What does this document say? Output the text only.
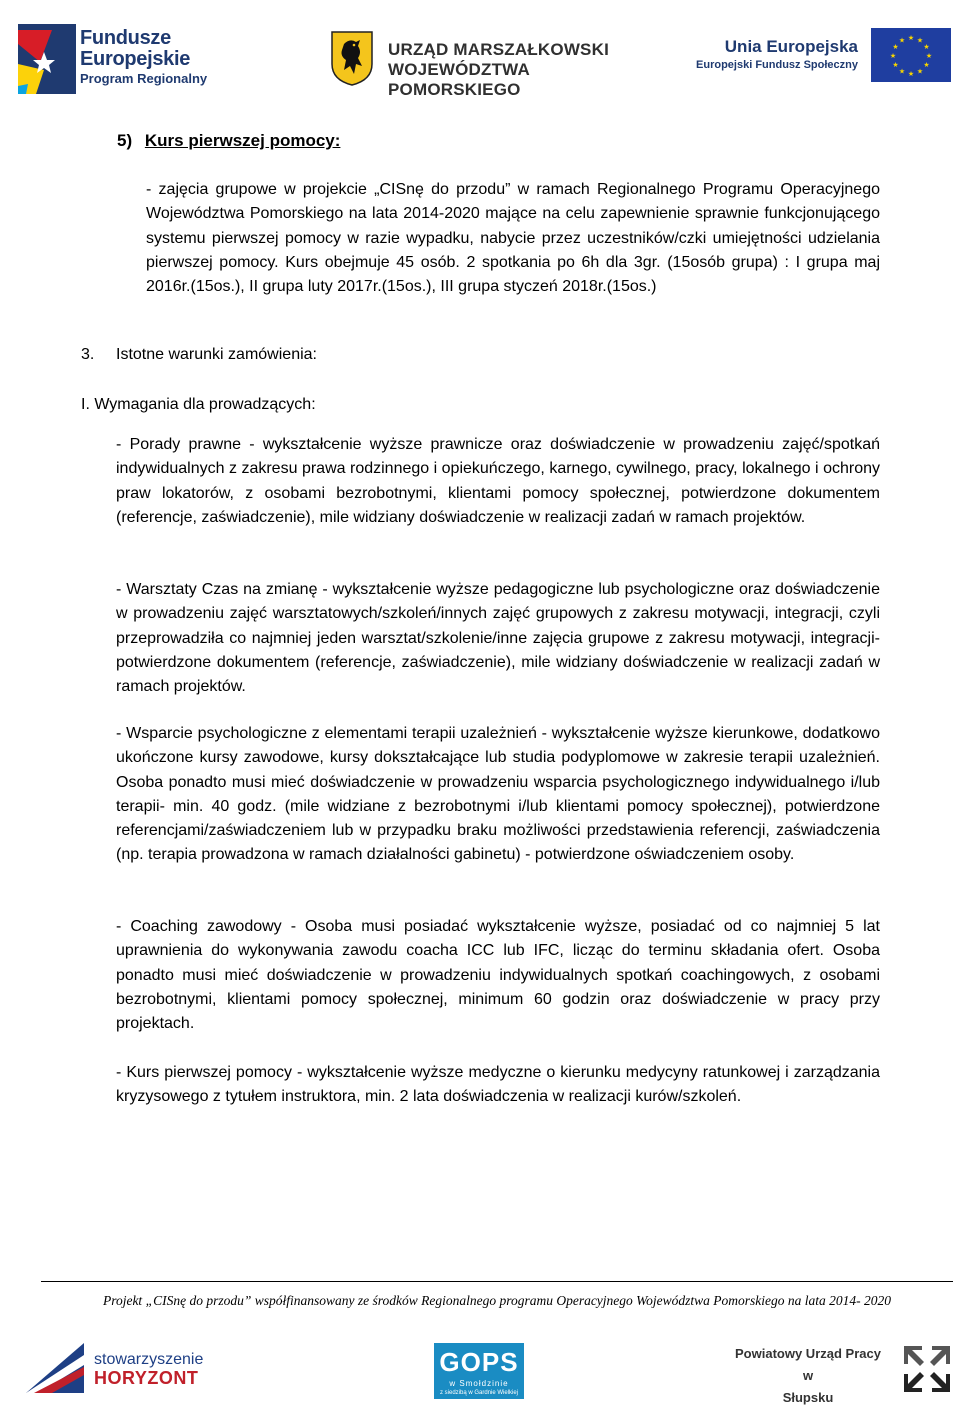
Fundusze
Europejskie
Program Regionalny
URZĄD MARSZAŁKOWSKI
WOJEWÓDZTWA POMORSKIEGO
Unia Europejska
Europejski Fundusz Społeczny
★ ★
★
★
★
★
★
★
★
★
★
★
5) Kurs pierwszej pomocy:
- zajęcia grupowe w projekcie „CISnę do przodu” w ramach Regionalnego Programu Operacyjnego Województwa Pomorskiego na lata 2014-2020 mające na celu zapewnienie sprawnie funkcjonującego systemu pierwszej pomocy w razie wypadku, nabycie przez uczestników/czki umiejętności udzielania pierwszej pomocy. Kurs obejmuje 45 osób. 2 spotkania po 6h dla 3gr. (15osób grupa) : I grupa maj 2016r.(15os.), II grupa luty 2017r.(15os.), III grupa styczeń 2018r.(15os.)
3. Istotne warunki zamówienia:
I. Wymagania dla prowadzących:
- Porady prawne - wykształcenie wyższe prawnicze oraz doświadczenie w prowadzeniu zajęć/spotkań indywidualnych z zakresu prawa rodzinnego i opiekuńczego, karnego, cywilnego, pracy, lokalnego i ochrony praw lokatorów, z osobami bezrobotnymi, klientami pomocy społecznej, potwierdzone dokumentem (referencje, zaświadczenie), mile widziany doświadczenie w realizacji zadań w ramach projektów.
- Warsztaty Czas na zmianę - wykształcenie wyższe pedagogiczne lub psychologiczne oraz doświadczenie w prowadzeniu zajęć warsztatowych/szkoleń/innych zajęć grupowych z zakresu motywacji, integracji, czyli przeprowadziła co najmniej jeden warsztat/szkolenie/inne zajęcia grupowe z zakresu motywacji, integracji- potwierdzone dokumentem (referencje, zaświadczenie), mile widziany doświadczenie w realizacji zadań w ramach projektów.
- Wsparcie psychologiczne z elementami terapii uzależnień - wykształcenie wyższe kierunkowe, dodatkowo ukończone kursy zawodowe, kursy dokształcające lub studia podyplomowe w zakresie terapii uzależnień. Osoba ponadto musi mieć doświadczenie w prowadzeniu wsparcia psychologicznego indywidualnego i/lub terapii- min. 40 godz. (mile widziane z bezrobotnymi i/lub klientami pomocy społecznej), potwierdzone referencjami/zaświadczeniem lub w przypadku braku możliwości przedstawienia referencji, zaświadczenia (np. terapia prowadzona w ramach działalności gabinetu) - potwierdzone oświadczeniem osoby.
- Coaching zawodowy - Osoba musi posiadać wykształcenie wyższe, posiadać od co najmniej 5 lat uprawnienia do wykonywania zawodu coacha ICC lub IFC, licząc do terminu składania ofert. Osoba ponadto musi mieć doświadczenie w prowadzeniu indywidualnych spotkań coachingowych, z osobami bezrobotnymi, klientami pomocy społecznej, minimum 60 godzin oraz doświadczenie w pracy przy projektach.
- Kurs pierwszej pomocy - wykształcenie wyższe medyczne o kierunku medycyny ratunkowej i zarządzania kryzysowego z tytułem instruktora, min. 2 lata doświadczenia w realizacji kurów/szkoleń.
Projekt „CISnę do przodu” współfinansowany ze środków Regionalnego programu Operacyjnego Województwa Pomorskiego na lata 2014- 2020
stowarzyszenie
HORYZONT
GOPS
w Smołdzinie
z siedzibą w Gardnie Wielkiej
Powiatowy Urząd Pracy
w
Słupsku
